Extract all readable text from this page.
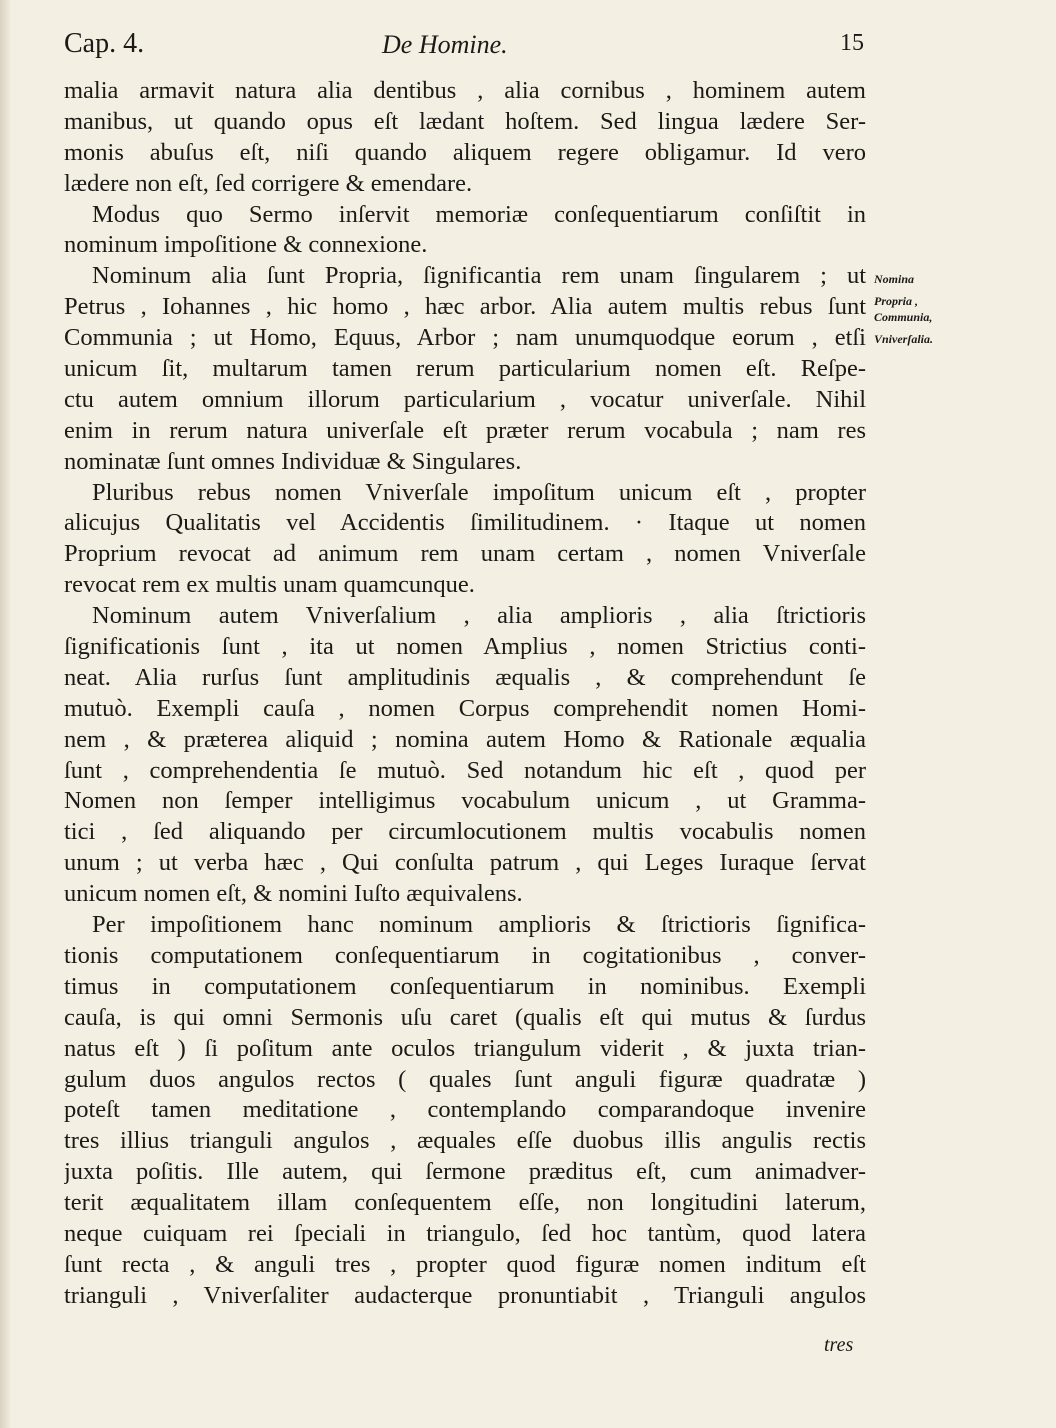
Cap. 4.	De Homine.	15
malia armavit natura alia dentibus , alia cornibus , hominem autem
manibus, ut quando opus eſt lædant hoſtem. Sed lingua lædere Ser-
monis abuſus eſt, niſi quando aliquem regere obligamur. Id vero
lædere non eſt, ſed corrigere & emendare.
Modus quo Sermo inſervit memoriæ conſequentiarum conſiſtit in
nominum impoſitione & connexione.
Nominum alia ſunt Propria, ſignificantia rem unam ſingularem ; ut
Petrus , Iohannes , hic homo , hæc arbor. Alia autem multis rebus ſunt
Communia ; ut Homo, Equus, Arbor ; nam unumquodque eorum , etſi
unicum ſit, multarum tamen rerum particularium nomen eſt. Reſpe-
ctu autem omnium illorum particularium , vocatur univerſale. Nihil
enim in rerum natura univerſale eſt præter rerum vocabula ; nam res
nominatæ ſunt omnes Individuæ & Singulares.
Pluribus rebus nomen Vniverſale impoſitum unicum eſt , propter
alicujus Qualitatis vel Accidentis ſimilitudinem. · Itaque ut nomen
Proprium revocat ad animum rem unam certam , nomen Vniverſale
revocat rem ex multis unam quamcunque.
Nominum autem Vniverſalium , alia amplioris , alia ſtrictioris
ſignificationis ſunt , ita ut nomen Amplius , nomen Strictius conti-
neat. Alia rurſus ſunt amplitudinis æqualis , & comprehendunt ſe
mutuò. Exempli cauſa , nomen Corpus comprehendit nomen Homi-
nem , & præterea aliquid ; nomina autem Homo & Rationale æqualia
ſunt , comprehendentia ſe mutuò. Sed notandum hic eſt , quod per
Nomen non ſemper intelligimus vocabulum unicum , ut Gramma-
tici , ſed aliquando per circumlocutionem multis vocabulis nomen
unum ; ut verba hæc , Qui conſulta patrum , qui Leges Iuraque ſervat
unicum nomen eſt, & nomini Iuſto æquivalens.
Per impoſitionem hanc nominum amplioris & ſtrictioris ſignifica-
tionis computationem conſequentiarum in cogitationibus , conver-
timus in computationem conſequentiarum in nominibus. Exempli
cauſa, is qui omni Sermonis uſu caret (qualis eſt qui mutus & ſurdus
natus eſt ) ſi poſitum ante oculos triangulum viderit , & juxta trian-
gulum duos angulos rectos ( quales ſunt anguli figuræ quadratæ )
poteſt tamen meditatione , contemplando comparandoque invenire
tres illius trianguli angulos , æquales eſſe duobus illis angulis rectis
juxta poſitis. Ille autem, qui ſermone præditus eſt, cum animadver-
terit æqualitatem illam conſequentem eſſe, non longitudini laterum,
neque cuiquam rei ſpeciali in triangulo, ſed hoc tantùm, quod latera
ſunt recta , & anguli tres , propter quod figuræ nomen inditum eſt
trianguli , Vniverſaliter audacterque pronuntiabit , Trianguli angulos
Nomina
Propria ,
Communia,
Vniverſalia.
tres
